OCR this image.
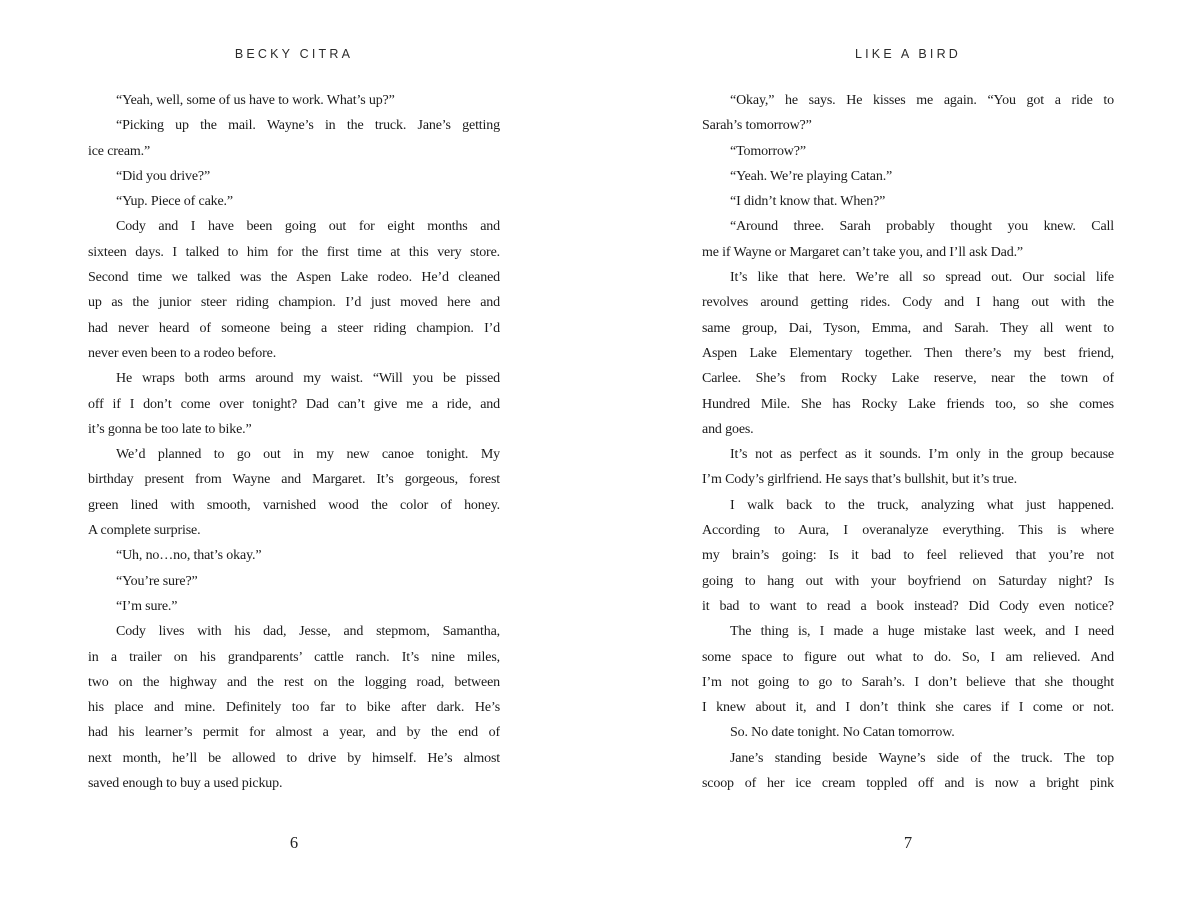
BECKY CITRA
“Yeah, well, some of us have to work. What’s up?”
“Picking up the mail. Wayne’s in the truck. Jane’s getting
ice cream.”
“Did you drive?”
“Yup. Piece of cake.”
Cody and I have been going out for eight months and
sixteen days. I talked to him for the first time at this very store.
Second time we talked was the Aspen Lake rodeo. He’d cleaned
up as the junior steer riding champion. I’d just moved here and
had never heard of someone being a steer riding champion. I’d
never even been to a rodeo before.
He wraps both arms around my waist. “Will you be pissed
off if I don’t come over tonight? Dad can’t give me a ride, and
it’s gonna be too late to bike.”
We’d planned to go out in my new canoe tonight. My
birthday present from Wayne and Margaret. It’s gorgeous, forest
green lined with smooth, varnished wood the color of honey.
A complete surprise.
“Uh, no…no, that’s okay.”
“You’re sure?”
“I’m sure.”
Cody lives with his dad, Jesse, and stepmom, Samantha,
in a trailer on his grandparents’ cattle ranch. It’s nine miles,
two on the highway and the rest on the logging road, between
his place and mine. Definitely too far to bike after dark. He’s
had his learner’s permit for almost a year, and by the end of
next month, he’ll be allowed to drive by himself. He’s almost
saved enough to buy a used pickup.
6
LIKE A BIRD
“Okay,” he says. He kisses me again. “You got a ride to
Sarah’s tomorrow?”
“Tomorrow?”
“Yeah. We’re playing Catan.”
“I didn’t know that. When?”
“Around three. Sarah probably thought you knew. Call
me if Wayne or Margaret can’t take you, and I’ll ask Dad.”
It’s like that here. We’re all so spread out. Our social life
revolves around getting rides. Cody and I hang out with the
same group, Dai, Tyson, Emma, and Sarah. They all went to
Aspen Lake Elementary together. Then there’s my best friend,
Carlee. She’s from Rocky Lake reserve, near the town of
Hundred Mile. She has Rocky Lake friends too, so she comes
and goes.
It’s not as perfect as it sounds. I’m only in the group because
I’m Cody’s girlfriend. He says that’s bullshit, but it’s true.
I walk back to the truck, analyzing what just happened.
According to Aura, I overanalyze everything. This is where
my brain’s going: Is it bad to feel relieved that you’re not
going to hang out with your boyfriend on Saturday night? Is
it bad to want to read a book instead? Did Cody even notice?
The thing is, I made a huge mistake last week, and I need
some space to figure out what to do. So, I am relieved. And
I’m not going to go to Sarah’s. I don’t believe that she thought
I knew about it, and I don’t think she cares if I come or not.
So. No date tonight. No Catan tomorrow.
Jane’s standing beside Wayne’s side of the truck. The top
scoop of her ice cream toppled off and is now a bright pink
7
